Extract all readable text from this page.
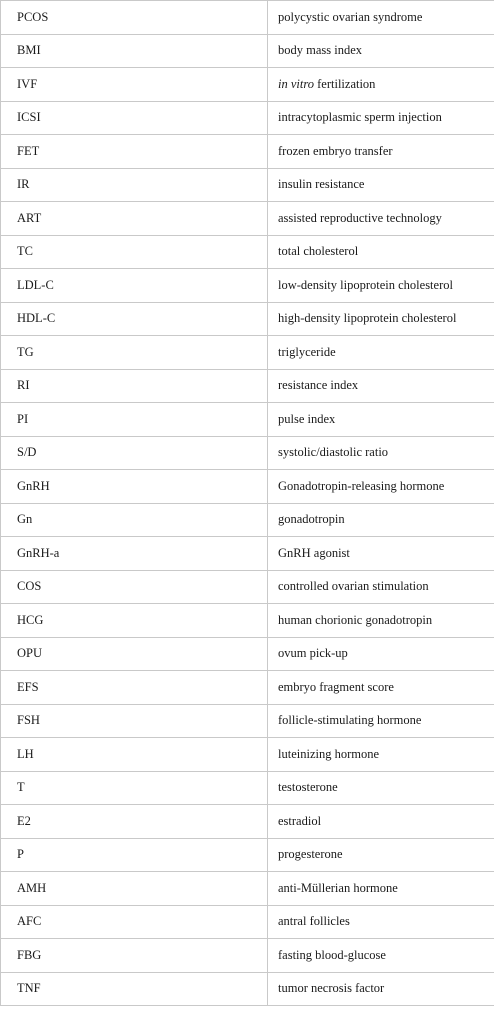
PCOS	polycystic ovarian syndrome
BMI	body mass index
IVF	in vitro fertilization
ICSI	intracytoplasmic sperm injection
FET	frozen embryo transfer
IR	insulin resistance
ART	assisted reproductive technology
TC	total cholesterol
LDL-C	low-density lipoprotein cholesterol
HDL-C	high-density lipoprotein cholesterol
TG	triglyceride
RI	resistance index
PI	pulse index
S/D	systolic/diastolic ratio
GnRH	Gonadotropin-releasing hormone
Gn	gonadotropin
GnRH-a	GnRH agonist
COS	controlled ovarian stimulation
HCG	human chorionic gonadotropin
OPU	ovum pick-up
EFS	embryo fragment score
FSH	follicle-stimulating hormone
LH	luteinizing hormone
T	testosterone
E2	estradiol
P	progesterone
AMH	anti-Müllerian hormone
AFC	antral follicles
FBG	fasting blood-glucose
TNF	tumor necrosis factor
